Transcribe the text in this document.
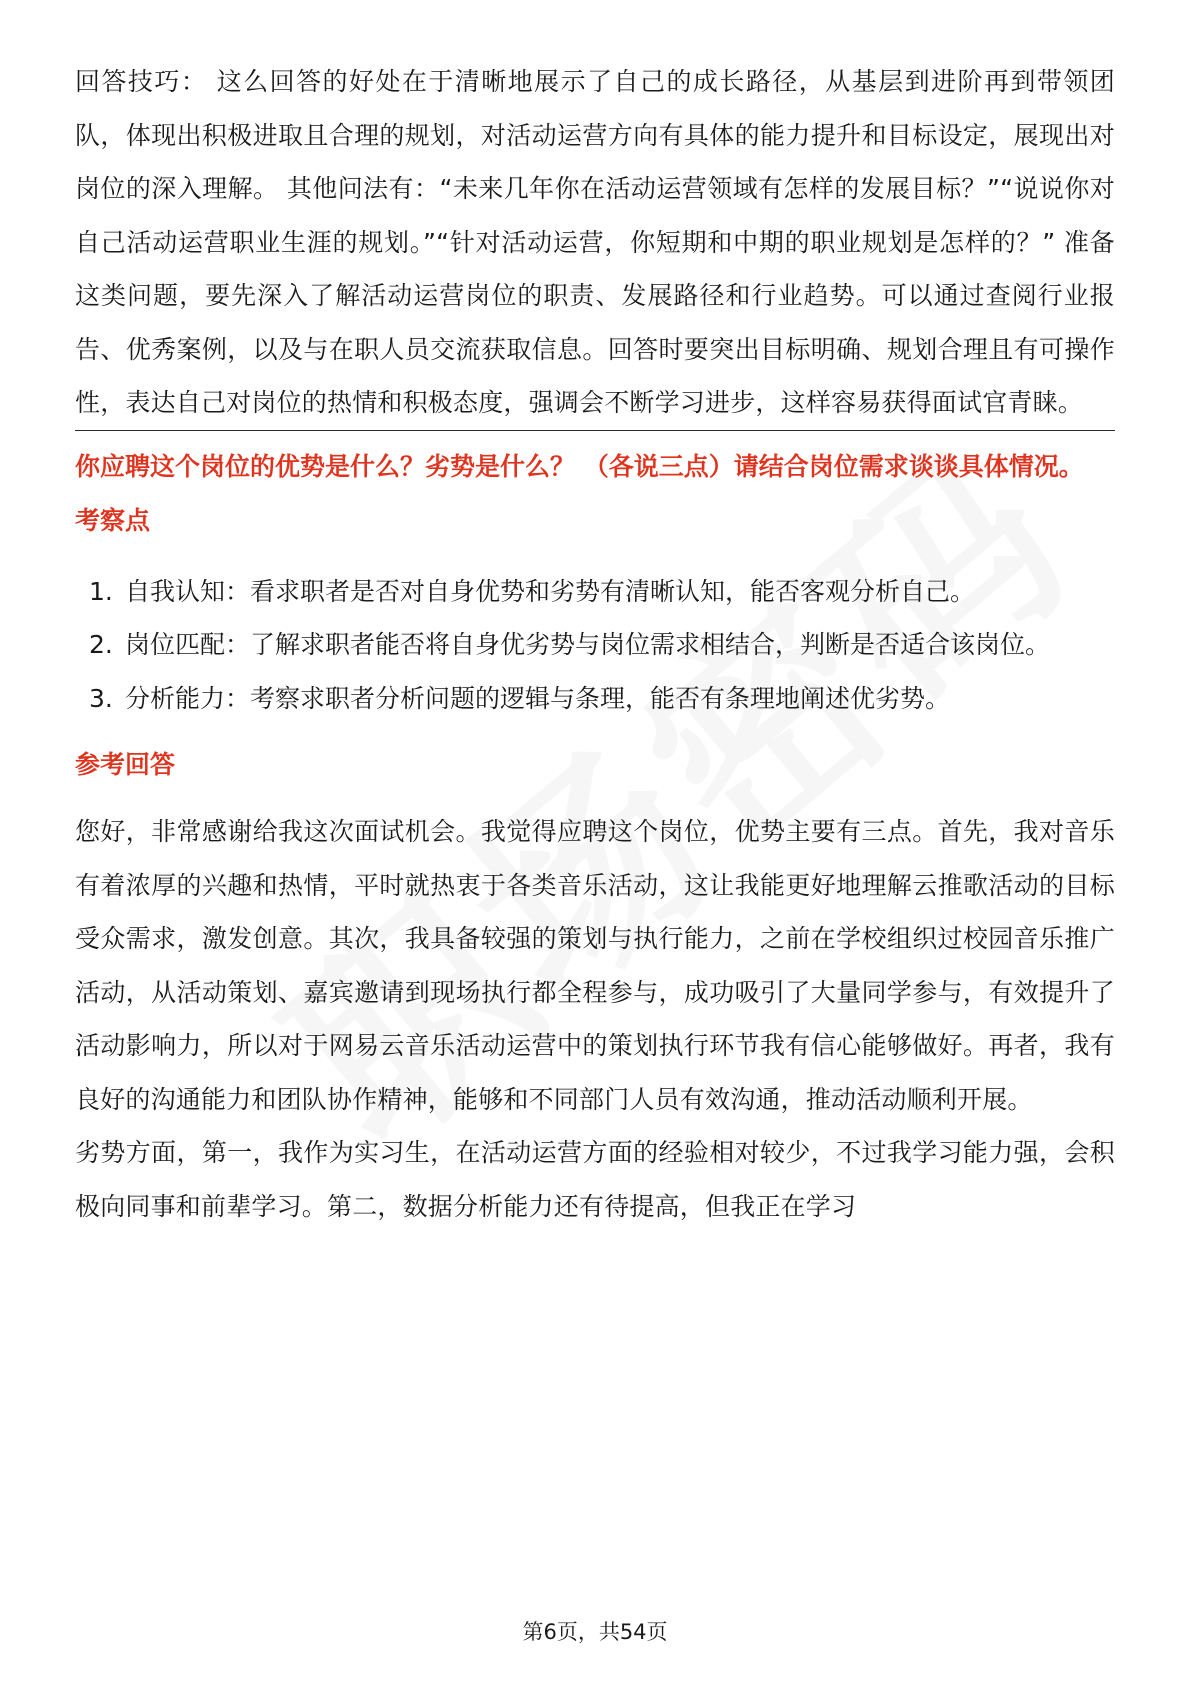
回答技巧： 这么回答的好处在于清晰地展示了自己的成长路径，从基层到进阶再到带领团队，体现出积极进取且合理的规划，对活动运营方向有具体的能力提升和目标设定，展现出对岗位的深入理解。 其他问法有：“未来几年你在活动运营领域有怎样的发展目标？”“说说你对自己活动运营职业生涯的规划。”“针对活动运营，你短期和中期的职业规划是怎样的？” 准备这类问题，要先深入了解活动运营岗位的职责、发展路径和行业趋势。可以通过查阅行业报告、优秀案例，以及与在职人员交流获取信息。回答时要突出目标明确、规划合理且有可操作性，表达自己对岗位的热情和积极态度，强调会不断学习进步，这样容易获得面试官青睐。

你应聘这个岗位的优势是什么？劣势是什么？ （各说三点）请结合岗位需求谈谈具体情况。
考察点
1. 自我认知：看求职者是否对自身优势和劣势有清晰认知，能否客观分析自己。
2. 岗位匹配：了解求职者能否将自身优劣势与岗位需求相结合，判断是否适合该岗位。
3. 分析能力：考察求职者分析问题的逻辑与条理，能否有条理地阐述优劣势。
参考回答

您好，非常感谢给我这次面试机会。我觉得应聘这个岗位，优势主要有三点。首先，我对音乐有着浓厚的兴趣和热情，平时就热衷于各类音乐活动，这让我能更好地理解云推歌活动的目标受众需求，激发创意。其次，我具备较强的策划与执行能力，之前在学校组织过校园音乐推广活动，从活动策划、嘉宾邀请到现场执行都全程参与，成功吸引了大量同学参与，有效提升了活动影响力，所以对于网易云音乐活动运营中的策划执行环节我有信心能够做好。再者，我有良好的沟通能力和团队协作精神，能够和不同部门人员有效沟通，推动活动顺利开展。

劣势方面，第一，我作为实习生，在活动运营方面的经验相对较少，不过我学习能力强，会积极向同事和前辈学习。第二，数据分析能力还有待提高，但我正在学习

第6页，共54页
